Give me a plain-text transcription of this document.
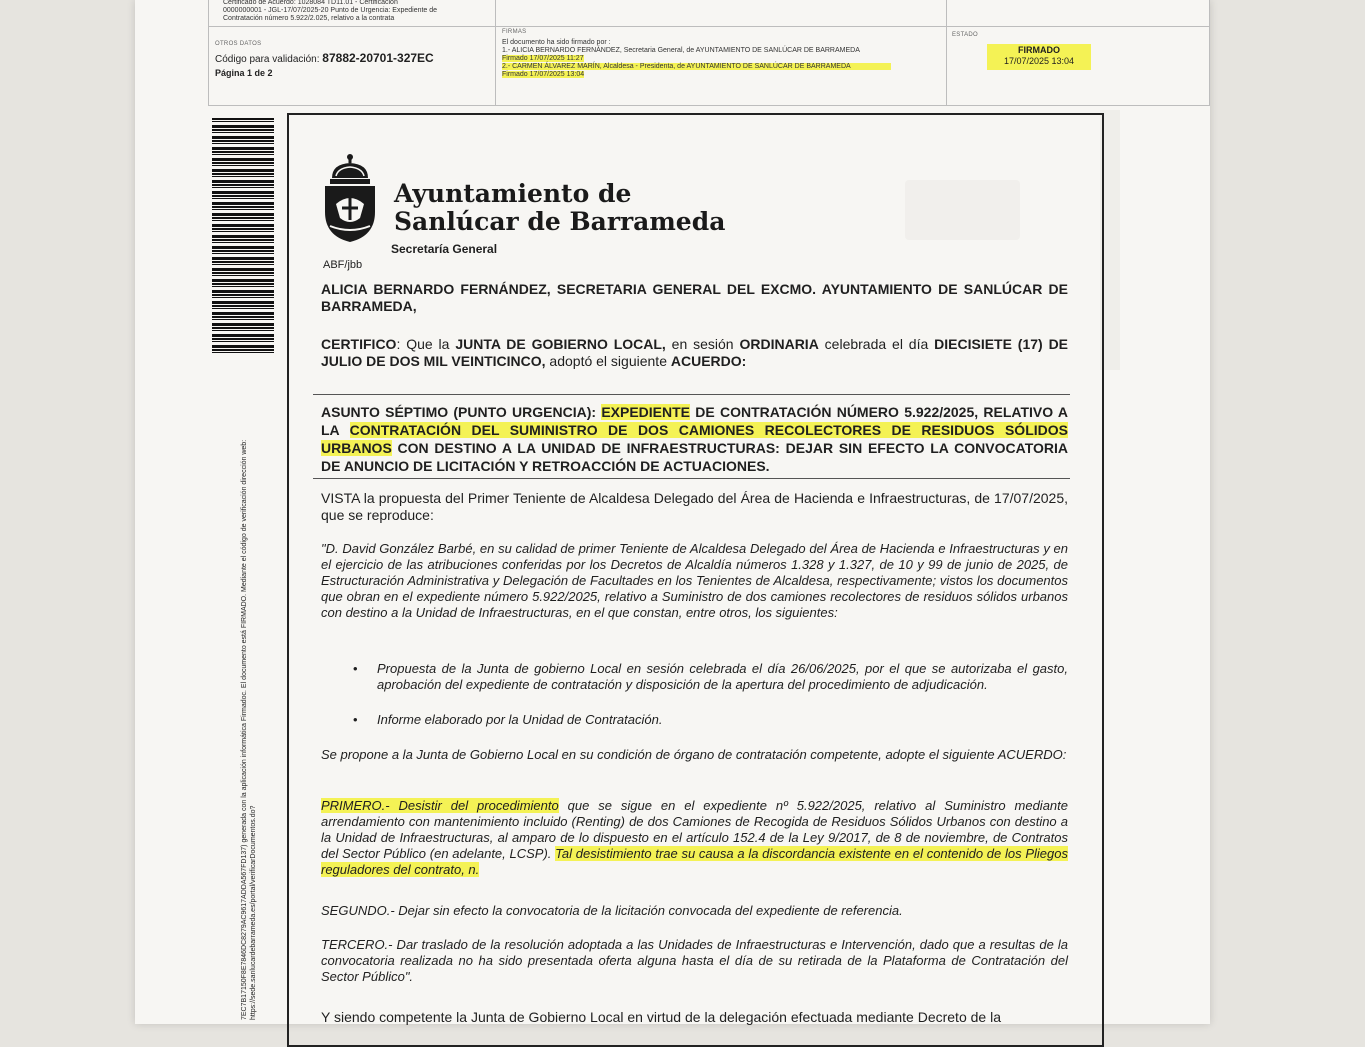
Certificado de Acuerdo: 1028084 TD11.01 - Certificación
0000000001 - JGL-17/07/2025-20 Punto de Urgencia: Expediente de
Contratación número 5.922/2.025, relativo a la contrata
OTROS DATOS
Código para validación: 87882-20701-327EC
Página 1 de 2
FIRMAS
El documento ha sido firmado por :
1.- ALICIA BERNARDO FERNÁNDEZ, Secretaria General, de AYUNTAMIENTO DE SANLÚCAR DE BARRAMEDA
Firmado 17/07/2025 11:27
2.- CARMEN ÁLVAREZ MARÍN, Alcaldesa - Presidenta, de AYUNTAMIENTO DE SANLÚCAR DE BARRAMEDA
Firmado 17/07/2025 13:04
ESTADO
FIRMADO
17/07/2025 13:04
7EC7B17150F8E7846DC8279AC9617ADDA567FD137) generada con la aplicación informática Firmadoc. El documento está FIRMADO. Mediante el código de verificación dirección web: https://sede.sanlucardebarrameda.es/portal/verificarDocumentos.do?
Ayuntamiento de
Sanlúcar de Barrameda
Secretaría General
ABF/jbb
ALICIA BERNARDO FERNÁNDEZ, SECRETARIA GENERAL DEL EXCMO. AYUNTAMIENTO DE SANLÚCAR DE BARRAMEDA,
CERTIFICO: Que la JUNTA DE GOBIERNO LOCAL, en sesión ORDINARIA celebrada el día DIECISIETE (17) DE JULIO DE DOS MIL VEINTICINCO, adoptó el siguiente ACUERDO:
ASUNTO SÉPTIMO (PUNTO URGENCIA): EXPEDIENTE DE CONTRATACIÓN NÚMERO 5.922/2025, RELATIVO A LA CONTRATACIÓN DEL SUMINISTRO DE DOS CAMIONES RECOLECTORES DE RESIDUOS SÓLIDOS URBANOS CON DESTINO A LA UNIDAD DE INFRAESTRUCTURAS: DEJAR SIN EFECTO LA CONVOCATORIA DE ANUNCIO DE LICITACIÓN Y RETROACCIÓN DE ACTUACIONES.
VISTA la propuesta del Primer Teniente de Alcaldesa Delegado del Área de Hacienda e Infraestructuras, de 17/07/2025, que se reproduce:
"D. David González Barbé, en su calidad de primer Teniente de Alcaldesa Delegado del Área de Hacienda e Infraestructuras y en el ejercicio de las atribuciones conferidas por los Decretos de Alcaldía números 1.328 y 1.327, de 10 y 99 de junio de 2025, de Estructuración Administrativa y Delegación de Facultades en los Tenientes de Alcaldesa, respectivamente; vistos los documentos que obran en el expediente número 5.922/2025, relativo a Suministro de dos camiones recolectores de residuos sólidos urbanos con destino a la Unidad de Infraestructuras, en el que constan, entre otros, los siguientes:
•	Propuesta de la Junta de gobierno Local en sesión celebrada el día 26/06/2025, por el que se autorizaba el gasto, aprobación del expediente de contratación y disposición de la apertura del procedimiento de adjudicación.
•	Informe elaborado por la Unidad de Contratación.
Se propone a la Junta de Gobierno Local en su condición de órgano de contratación competente, adopte el siguiente ACUERDO:
PRIMERO.- Desistir del procedimiento que se sigue en el expediente nº 5.922/2025, relativo al Suministro mediante arrendamiento con mantenimiento incluido (Renting) de dos Camiones de Recogida de Residuos Sólidos Urbanos con destino a la Unidad de Infraestructuras, al amparo de lo dispuesto en el artículo 152.4 de la Ley 9/2017, de 8 de noviembre, de Contratos del Sector Público (en adelante, LCSP). Tal desistimiento trae su causa a la discordancia existente en el contenido de los Pliegos reguladores del contrato, n.
SEGUNDO.- Dejar sin efecto la convocatoria de la licitación convocada del expediente de referencia.
TERCERO.- Dar traslado de la resolución adoptada a las Unidades de Infraestructuras e Intervención, dado que a resultas de la convocatoria realizada no ha sido presentada oferta alguna hasta el día de su retirada de la Plataforma de Contratación del Sector Público".
Y siendo competente la Junta de Gobierno Local en virtud de la delegación efectuada mediante Decreto de la
